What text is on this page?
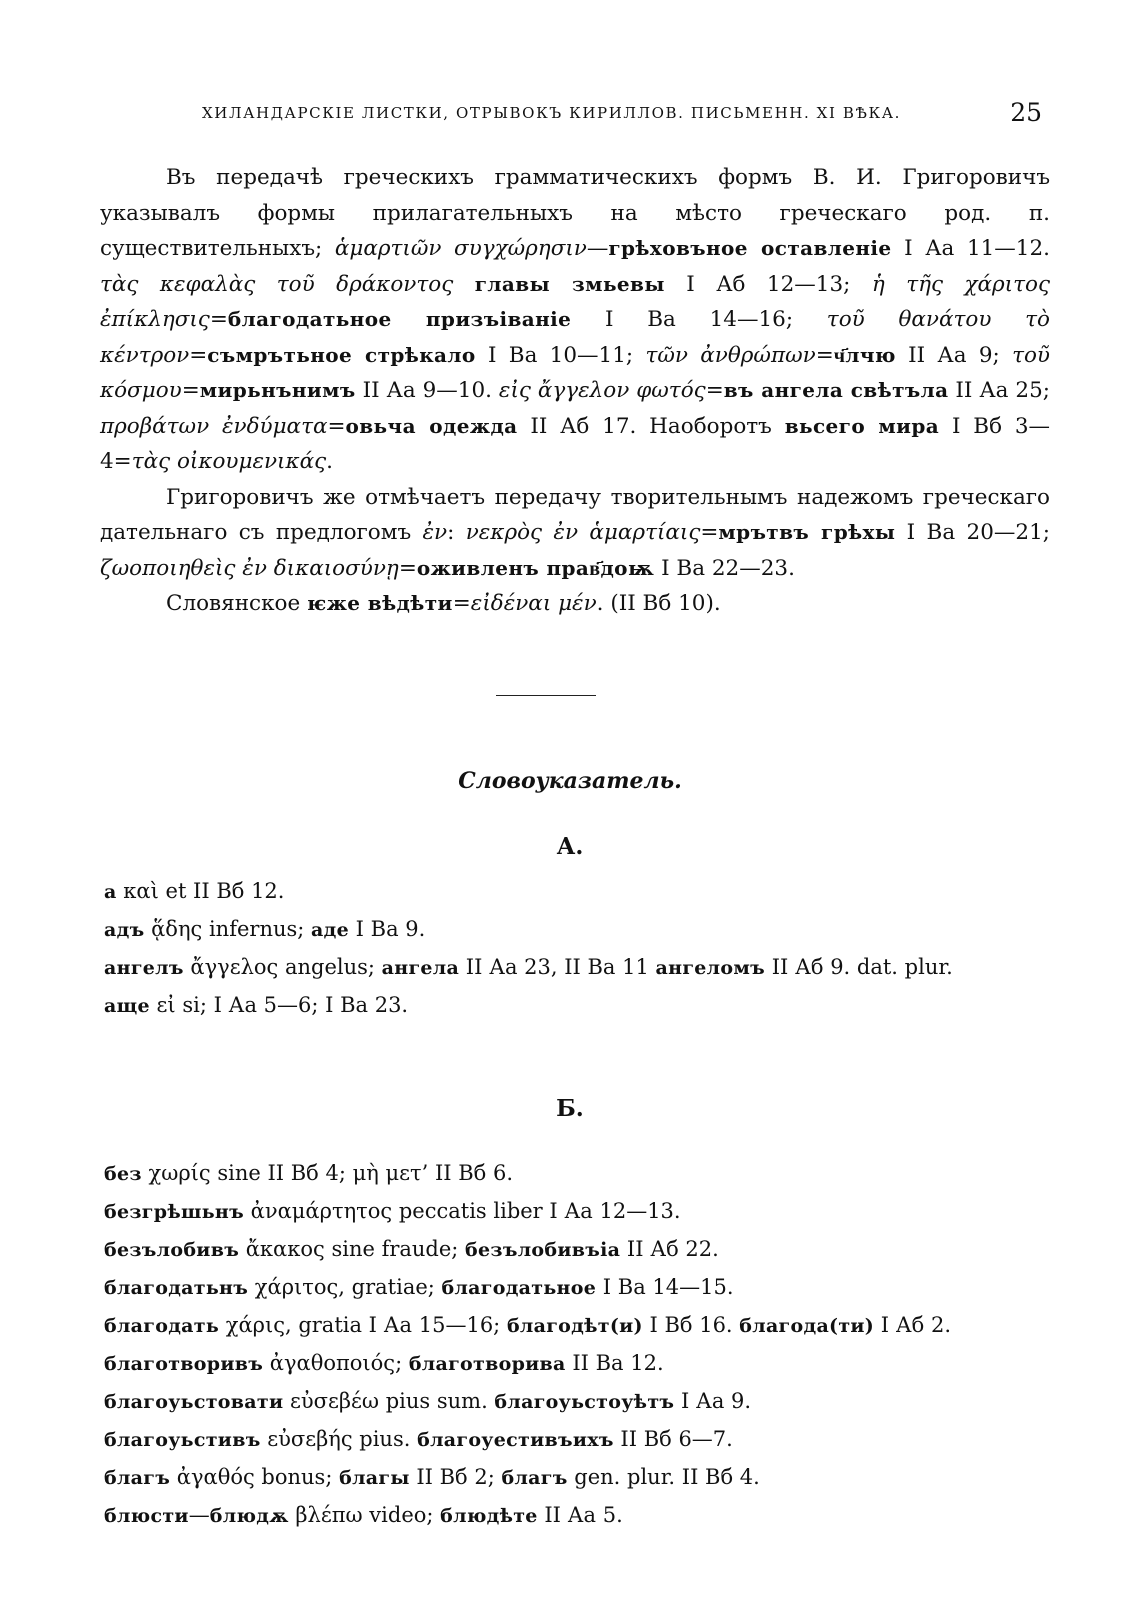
ХИЛАНДАРСКІЕ ЛИСТКИ, ОТРЫВОКЪ КИРИЛЛОВ. ПИСЬМЕНН. XI ВѢКА.	25

Въ передачѣ греческихъ грамматическихъ формъ В. И. Григоровичъ указывалъ формы прилагательныхъ на мѣсто греческаго род. п. существительныхъ; ἁμαρτιῶν συγχώρησιν—грѣховъное оставленіе I Аа 11—12. τὰς κεφαλὰς τοῦ δράκοντος главы змьевы I Аб 12—13; ἡ τῆς χάριτος ἐπίκλησις=благодатьное призъіваніе I Ва 14—16; τοῦ θανάτου τὸ κέντρον=съмрътьное стрѣкало I Ва 10—11; τῶν ἀνθρώπων=ч҃лчю II Аа 9; τοῦ κόσμου=мирьнънимъ II Аа 9—10. εἰς ἄγγελον φωτός=въ ангела свѣтъла II Аа 25; προβάτων ἐνδύματα=овьча одежда II Аб 17. Наоборотъ вьсего мира I Вб 3—4=τὰς οἰκουμενικάς.

Григоровичъ же отмѣчаетъ передачу творительнымъ надежомъ греческаго дательнаго съ предлогомъ ἐν: νεκρὸς ἐν ἁμαρτίαις=мрътвъ грѣхы I Ва 20—21; ζωοποιηθεὶς ἐν δικαιοσύνῃ=оживленъ прав҃доѭ I Ва 22—23.

Словянское ѥже вѣдѣти=εἰδέναι μέν. (II Вб 10).

Словоуказатель.
А.
а καὶ et II Вб 12.
адъ ᾅδης infernus; аде I Ва 9.
ангелъ ἄγγελος angelus; ангела II Аа 23, II Ва 11 ангеломъ II Аб 9. dat. plur.
аще εἰ si; I Аа 5—6; I Ва 23.
Б.
без χωρίς sine II Вб 4; μὴ μετ’ II Вб 6.
безгрѣшьнъ ἀναμάρτητος peccatis liber I Аа 12—13.
безълобивъ ἄκακος sine fraude; безълобивъіа II Аб 22.
благодатьнъ χάριτος, gratiae; благодатьное I Ва 14—15.
благодать χάρις, gratia I Аа 15—16; благодѣт(и) I Вб 16. благода(ти) I Аб 2.
благотворивъ ἀγαθοποιός; благотворива II Ва 12.
благоуьстовати εὐσεβέω pius sum. благоуьстоуѣтъ I Аа 9.
благоуьстивъ εὐσεβής pius. благоуестивъихъ II Вб 6—7.
благъ ἀγαθός bonus; благы II Вб 2; благъ gen. plur. II Вб 4.
блюсти—блюдѫ βλέπω video; блюдѣте II Аа 5.
